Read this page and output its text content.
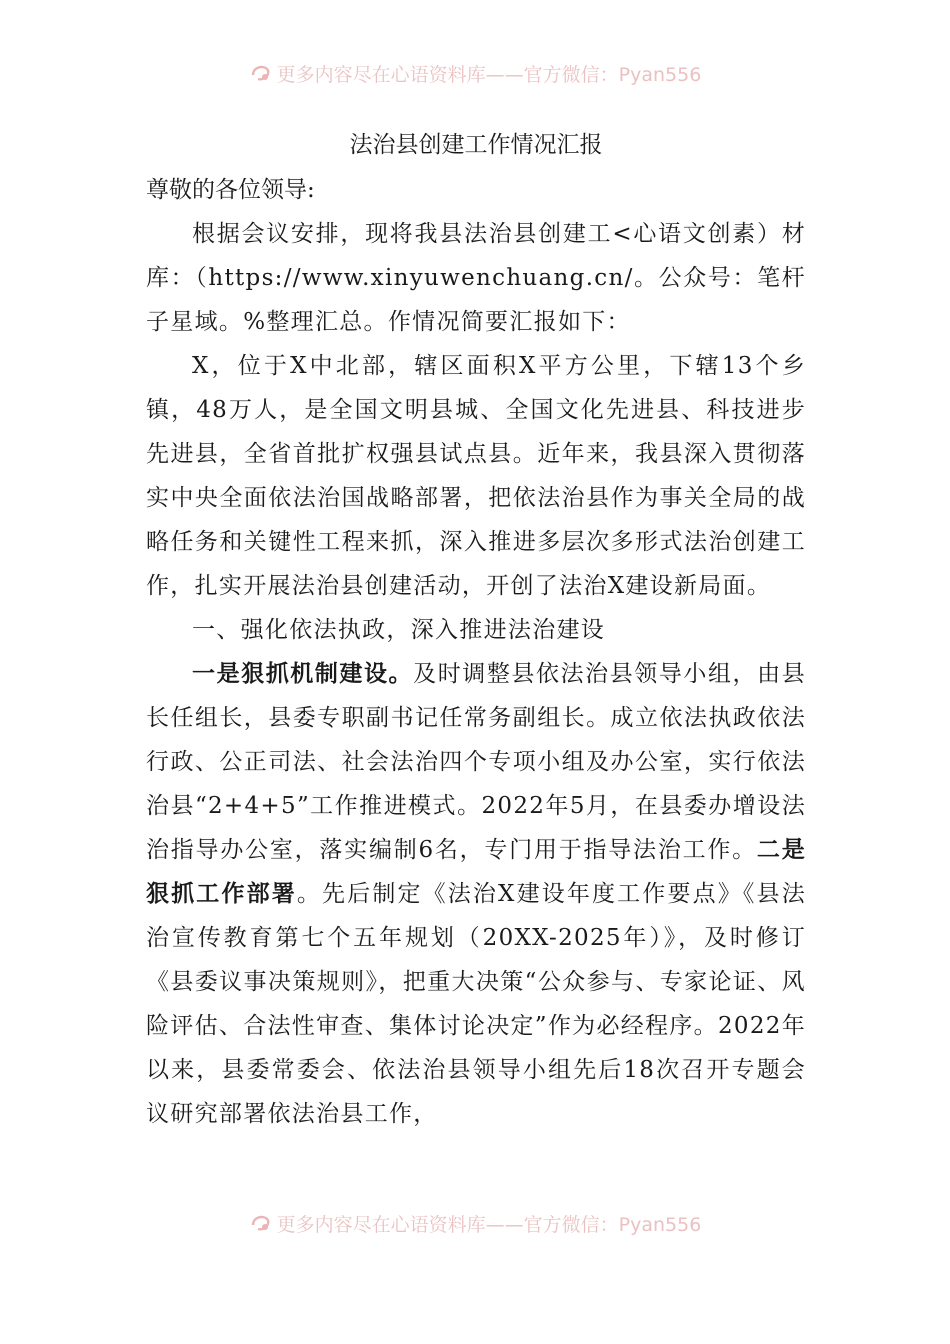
更多内容尽在心语资料库——官方微信：Pyan556
法治县创建工作情况汇报

尊敬的各位领导:

根据会议安排，现将我县法治县创建工<心语文创素）材库：（https://www.xinyuwenchuang.cn/。公众号：笔杆子星域。%整理汇总。作情况简要汇报如下：

X，位于X中北部，辖区面积X平方公里，下辖13个乡镇，48万人，是全国文明县城、全国文化先进县、科技进步先进县，全省首批扩权强县试点县。近年来，我县深入贯彻落实中央全面依法治国战略部署，把依法治县作为事关全局的战略任务和关键性工程来抓，深入推进多层次多形式法治创建工作，扎实开展法治县创建活动，开创了法治X建设新局面。

一、强化依法执政，深入推进法治建设

一是狠抓机制建设。及时调整县依法治县领导小组，由县长任组长，县委专职副书记任常务副组长。成立依法执政依法行政、公正司法、社会法治四个专项小组及办公室，实行依法治县“2+4+5”工作推进模式。2022年5月，在县委办增设法治指导办公室，落实编制6名，专门用于指导法治工作。二是狠抓工作部署。先后制定《法治X建设年度工作要点》《县法治宣传教育第七个五年规划（20XX-2025年）》，及时修订《县委议事决策规则》，把重大决策“公众参与、专家论证、风险评估、合法性审查、集体讨论决定”作为必经程序。2022年以来，县委常委会、依法治县领导小组先后18次召开专题会议研究部署依法治县工作，

更多内容尽在心语资料库——官方微信：Pyan556
